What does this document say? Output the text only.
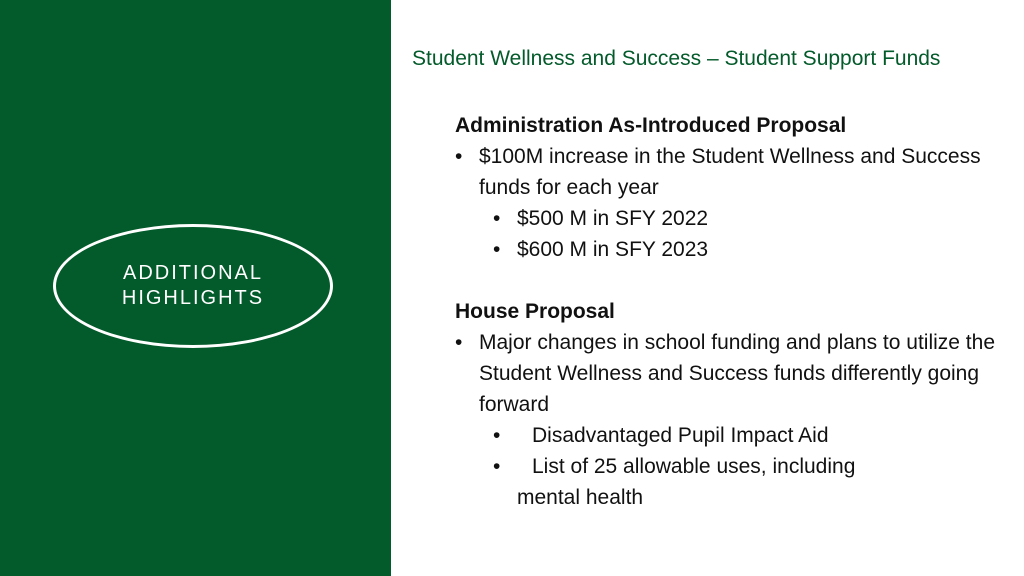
ADDITIONAL
HIGHLIGHTS
Student Wellness and Success – Student Support Funds
Administration As-Introduced Proposal
• $100M increase in the Student Wellness and Success funds for each year
• $500 M in SFY 2022
• $600 M in SFY 2023
House Proposal
• Major changes in school funding and plans to utilize the Student Wellness and Success funds differently going forward
• Disadvantaged Pupil Impact Aid
• List of 25 allowable uses, including
mental health
